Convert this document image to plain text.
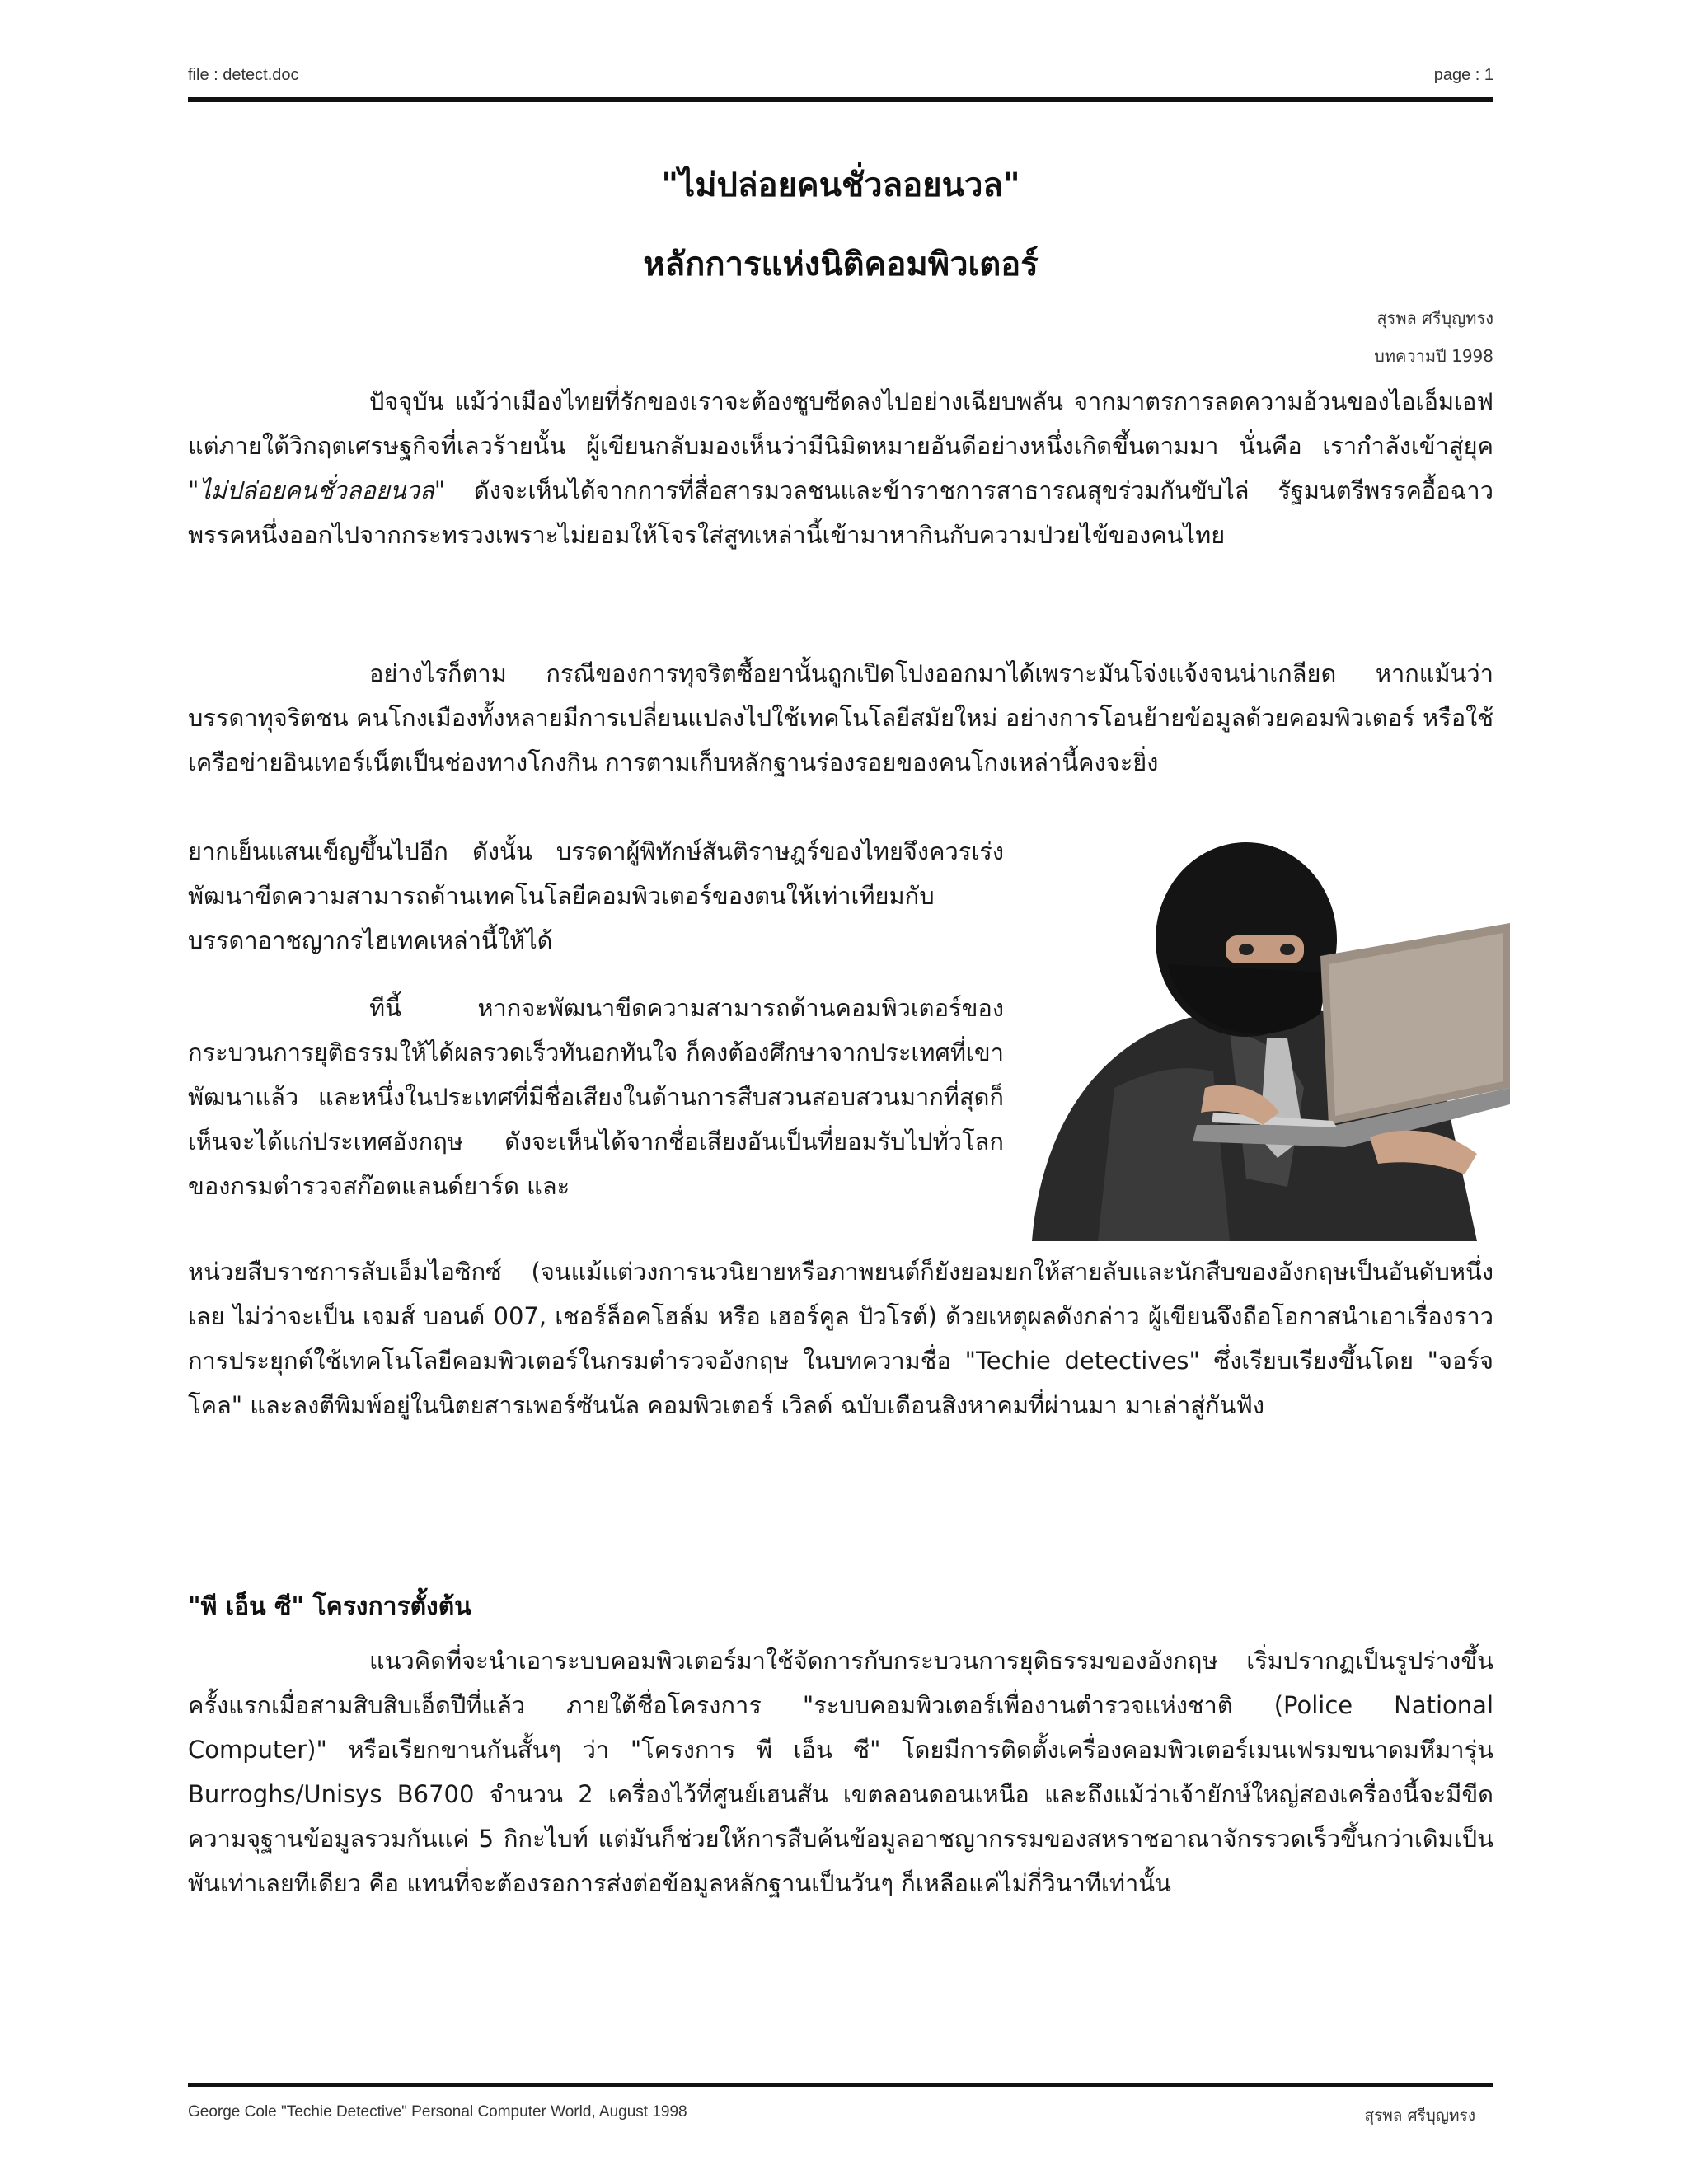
file : detect.doc	page : 1
"ไม่ปล่อยคนชั่วลอยนวล"
หลักการแห่งนิติคอมพิวเตอร์
สุรพล ศรีบุญทรง
บทความปี 1998

ปัจจุบัน แม้ว่าเมืองไทยที่รักของเราจะต้องซูบซีดลงไปอย่างเฉียบพลัน จากมาตรการลดความอ้วนของไอเอ็มเอฟ แต่ภายใต้วิกฤตเศรษฐกิจที่เลวร้ายนั้น ผู้เขียนกลับมองเห็นว่ามีนิมิตหมายอันดีอย่างหนึ่งเกิดขึ้นตามมา นั่นคือ เรากำลังเข้าสู่ยุค "ไม่ปล่อยคนชั่วลอยนวล" ดังจะเห็นได้จากการที่สื่อสารมวลชนและข้าราชการสาธารณสุขร่วมกันขับไล่ รัฐมนตรีพรรคอื้อฉาวพรรคหนึ่งออกไปจากกระทรวงเพราะไม่ยอมให้โจรใส่สูทเหล่านี้เข้ามาหากินกับความป่วยไข้ของคนไทย

อย่างไรก็ตาม กรณีของการทุจริตซื้อยานั้นถูกเปิดโปงออกมาได้เพราะมันโจ่งแจ้งจนน่าเกลียด หากแม้นว่าบรรดาทุจริตชน คนโกงเมืองทั้งหลายมีการเปลี่ยนแปลงไปใช้เทคโนโลยีสมัยใหม่ อย่างการโอนย้ายข้อมูลด้วยคอมพิวเตอร์ หรือใช้เครือข่ายอินเทอร์เน็ตเป็นช่องทางโกงกิน การตามเก็บหลักฐานร่องรอยของคนโกงเหล่านี้คงจะยิ่ง

ยากเย็นแสนเข็ญขึ้นไปอีก ดังนั้น บรรดาผู้พิทักษ์สันติราษฎร์ของไทยจึงควรเร่งพัฒนาขีดความสามารถด้านเทคโนโลยีคอมพิวเตอร์ของตนให้เท่าเทียมกับบรรดาอาชญากรไฮเทคเหล่านี้ให้ได้

ทีนี้ หากจะพัฒนาขีดความสามารถด้านคอมพิวเตอร์ของกระบวนการยุติธรรมให้ได้ผลรวดเร็วทันอกทันใจ ก็คงต้องศึกษาจากประเทศที่เขาพัฒนาแล้ว และหนึ่งในประเทศที่มีชื่อเสียงในด้านการสืบสวนสอบสวนมากที่สุดก็เห็นจะได้แก่ประเทศอังกฤษ ดังจะเห็นได้จากชื่อเสียงอันเป็นที่ยอมรับไปทั่วโลกของกรมตำรวจสก๊อตแลนด์ยาร์ด และ

หน่วยสืบราชการลับเอ็มไอซิกซ์ (จนแม้แต่วงการนวนิยายหรือภาพยนต์ก็ยังยอมยกให้สายลับและนักสืบของอังกฤษเป็นอันดับหนึ่งเลย ไม่ว่าจะเป็น เจมส์ บอนด์ 007, เชอร์ล็อคโฮล์ม หรือ เฮอร์คูล ปัวโรต์) ด้วยเหตุผลดังกล่าว ผู้เขียนจึงถือโอกาสนำเอาเรื่องราวการประยุกต์ใช้เทคโนโลยีคอมพิวเตอร์ในกรมตำรวจอังกฤษ ในบทความชื่อ "Techie detectives" ซึ่งเรียบเรียงขึ้นโดย "จอร์จ โคล" และลงตีพิมพ์อยู่ในนิตยสารเพอร์ซันนัล คอมพิวเตอร์ เวิลด์ ฉบับเดือนสิงหาคมที่ผ่านมา มาเล่าสู่กันฟัง

"พี เอ็น ซี" โครงการตั้งต้น

แนวคิดที่จะนำเอาระบบคอมพิวเตอร์มาใช้จัดการกับกระบวนการยุติธรรมของอังกฤษ เริ่มปรากฏเป็นรูปร่างขึ้นครั้งแรกเมื่อสามสิบสิบเอ็ดปีที่แล้ว ภายใต้ชื่อโครงการ "ระบบคอมพิวเตอร์เพื่องานตำรวจแห่งชาติ (Police National Computer)" หรือเรียกขานกันสั้นๆ ว่า "โครงการ พี เอ็น ซี" โดยมีการติดตั้งเครื่องคอมพิวเตอร์เมนเฟรมขนาดมหึมารุ่น Burroghs/Unisys B6700 จำนวน 2 เครื่องไว้ที่ศูนย์เฮนสัน เขตลอนดอนเหนือ และถึงแม้ว่าเจ้ายักษ์ใหญ่สองเครื่องนี้จะมีขีดความจุฐานข้อมูลรวมกันแค่ 5 กิกะไบท์ แต่มันก็ช่วยให้การสืบค้นข้อมูลอาชญากรรมของสหราชอาณาจักรรวดเร็วขึ้นกว่าเดิมเป็นพันเท่าเลยทีเดียว คือ แทนที่จะต้องรอการส่งต่อข้อมูลหลักฐานเป็นวันๆ ก็เหลือแค่ไม่กี่วินาทีเท่านั้น

George Cole "Techie Detective" Personal Computer World, August 1998	สุรพล ศรีบุญทรง
